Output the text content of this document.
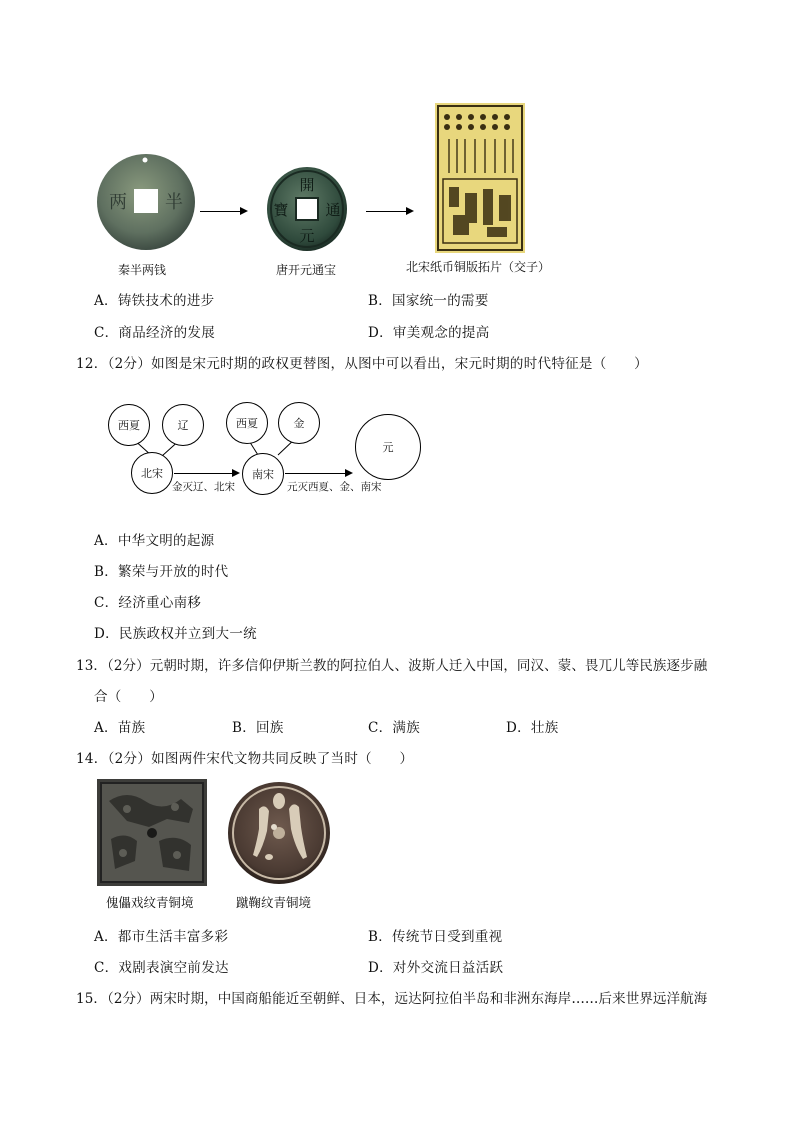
两 半
開
元
通
寶
秦半两钱	唐开元通宝	北宋纸币铜版拓片（交子）
A．铸铁技术的进步	B．国家统一的需要
C．商品经济的发展	D．审美观念的提高
12．（2分）如图是宋元时期的政权更替图，从图中可以看出，宋元时期的时代特征是（　　）
西夏	辽
北宋
西夏	金
南宋
元
金灭辽、北宋	元灭西夏、金、南宋
A．中华文明的起源
B．繁荣与开放的时代
C．经济重心南移
D．民族政权并立到大一统
13．（2分）元朝时期，许多信仰伊斯兰教的阿拉伯人、波斯人迁入中国，同汉、蒙、畏兀儿等民族逐步融
合（　　）
A．苗族	B．回族	C．满族	D．壮族
14．（2分）如图两件宋代文物共同反映了当时（　　）
傀儡戏纹青铜境	蹴鞠纹青铜境
A．都市生活丰富多彩	B．传统节日受到重视
C．戏剧表演空前发达	D．对外交流日益活跃
15．（2分）两宋时期，中国商船能近至朝鲜、日本，远达阿拉伯半岛和非洲东海岸……后来世界远洋航海
